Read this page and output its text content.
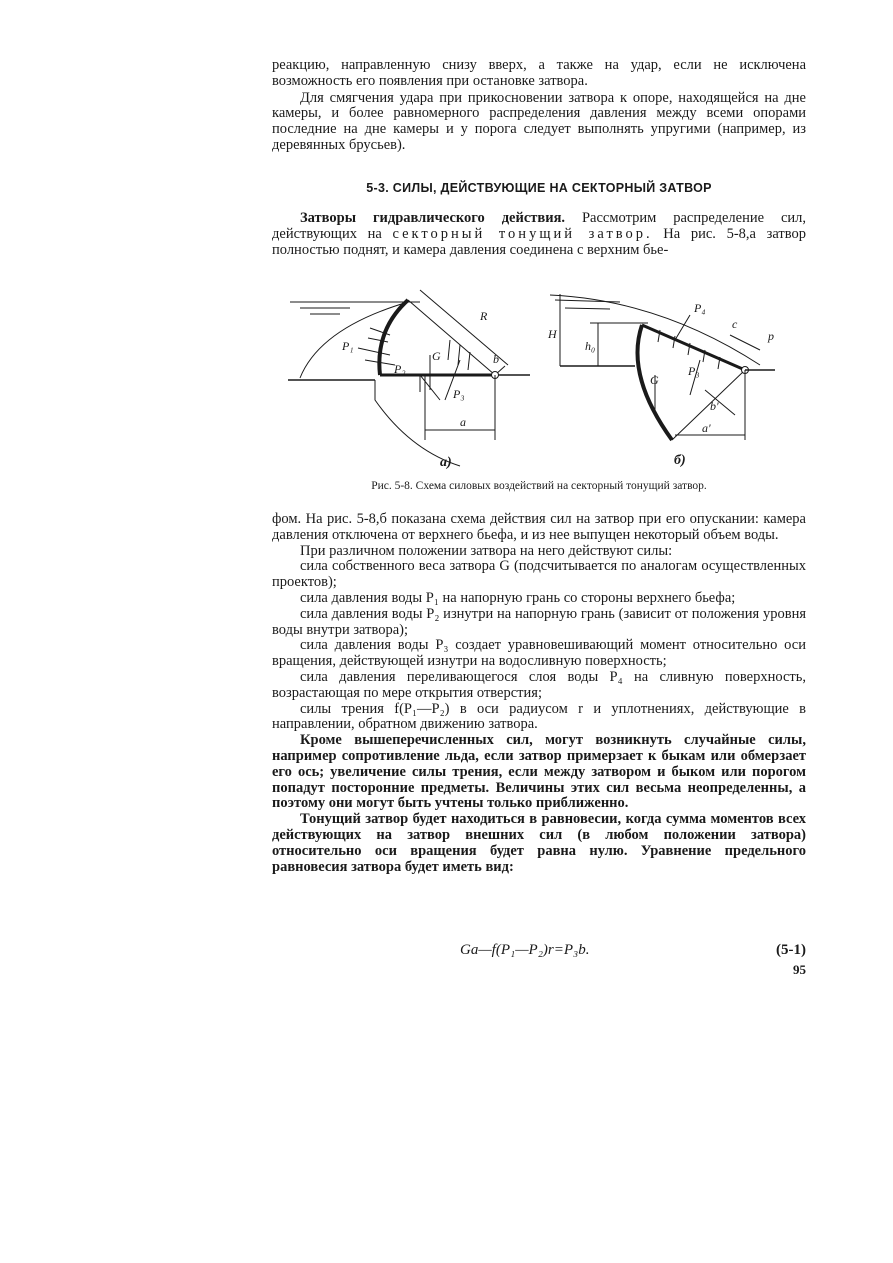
реакцию, направленную снизу вверх, а также на удар, если не исключена возможность его появления при остановке затвора.

Для смягчения удара при прикосновении затвора к опоре, находящейся на дне камеры, и более равномерного распределения давления между всеми опорами последние на дне камеры и у порога следует выполнять упругими (например, из деревянных брусьев).

5-3. СИЛЫ, ДЕЙСТВУЮЩИЕ НА СЕКТОРНЫЙ ЗАТВОР

Затворы гидравлического действия. Рассмотрим распределение сил, действующих на секторный тонущий затвор. На рис. 5-8,а затвор полностью поднят, и камера давления соединена с верхним бье-

R
b
P₁
P₂
G
P₃
a
а)
H
h₀
P₄
c
p
P₃
G
b'
a'
б)
Рис. 5-8. Схема силовых воздействий на секторный тонущий затвор.

фом. На рис. 5-8,б показана схема действия сил на затвор при его опускании: камера давления отключена от верхнего бьефа, и из нее выпущен некоторый объем воды.

При различном положении затвора на него действуют силы:

сила собственного веса затвора G (подсчитывается по аналогам осуществленных проектов);

сила давления воды P₁ на напорную грань со стороны верхнего бьефа;

сила давления воды P₂ изнутри на напорную грань (зависит от положения уровня воды внутри затвора);

сила давления воды P₃ создает уравновешивающий момент относительно оси вращения, действующей изнутри на водосливную поверхность;

сила давления переливающегося слоя воды P₄ на сливную поверхность, возрастающая по мере открытия отверстия;

силы трения f(P₁—P₂) в оси радиусом r и уплотнениях, действующие в направлении, обратном движению затвора.

Кроме вышеперечисленных сил, могут возникнуть случайные силы, например сопротивление льда, если затвор примерзает к быкам или обмерзает его ось; увеличение силы трения, если между затвором и быком или порогом попадут посторонние предметы. Величины этих сил весьма неопределенны, а поэтому они могут быть учтены только приближенно.

Тонущий затвор будет находиться в равновесии, когда сумма моментов всех действующих на затвор внешних сил (в любом положении затвора) относительно оси вращения будет равна нулю. Уравнение предельного равновесия затвора будет иметь вид:

Ga—f(P₁—P₂)r=P₃b.	(5-1)
95
